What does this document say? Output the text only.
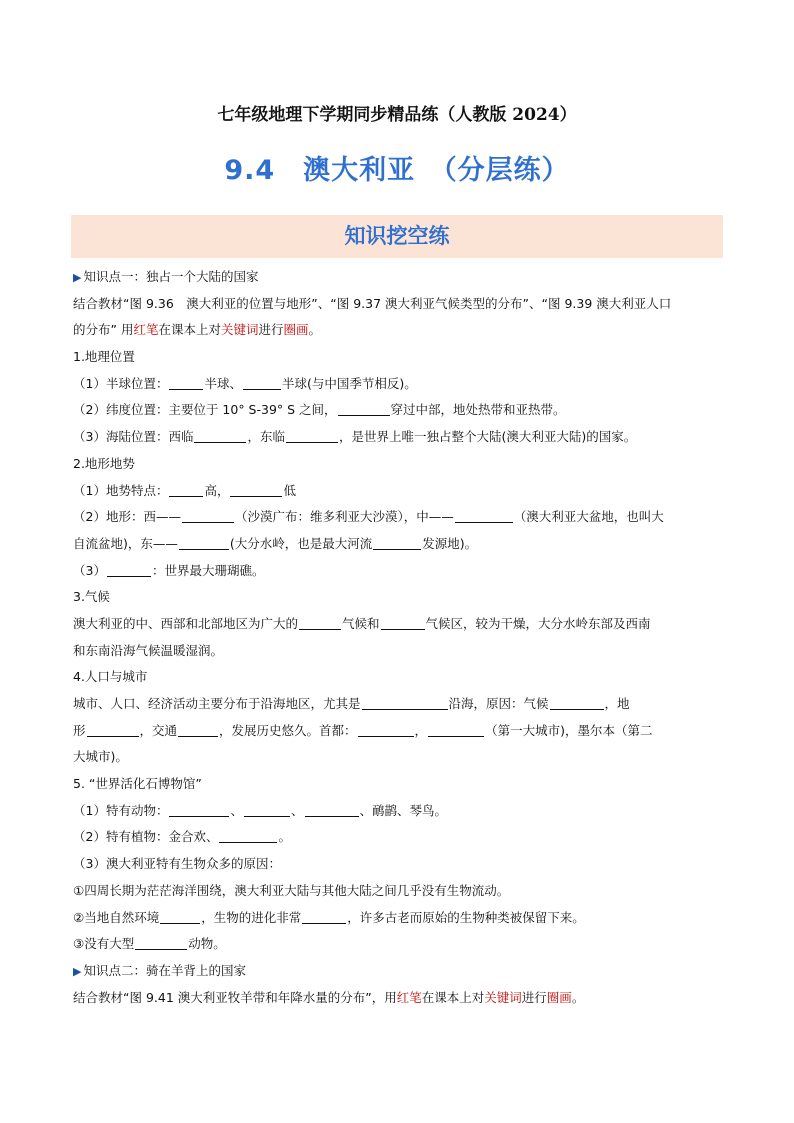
七年级地理下学期同步精品练（人教版 2024）
9.4　澳大利亚　（分层练）
知识挖空练
▶ 知识点一：独占一个大陆的国家
结合教材“图 9.36　澳大利亚的位置与地形”、“图 9.37 澳大利亚气候类型的分布”、“图 9.39 澳大利亚人口
的分布” 用红笔在课本上对关键词进行圈画。
1.地理位置
（1）半球位置：	半球、	半球(与中国季节相反)。
（2）纬度位置：主要位于 10° S-39° S 之间，	穿过中部，地处热带和亚热带。
（3）海陆位置：西临	，东临	，是世界上唯一独占整个大陆(澳大利亚大陆)的国家。
2.地形地势
（1）地势特点：	高，	低
（2）地形：西——	（沙漠广布：维多利亚大沙漠），中——	（澳大利亚大盆地，也叫大
自流盆地)，东——	(大分水岭，也是最大河流	发源地)。
（3）	：世界最大珊瑚礁。
3.气候
澳大利亚的中、西部和北部地区为广大的	气候和	气候区，较为干燥，大分水岭东部及西南
和东南沿海气候温暖湿润。
4.人口与城市
城市、人口、经济活动主要分布于沿海地区，尤其是	沿海，原因：气候	，地
形	，交通	，发展历史悠久。首都：	，	（第一大城市)，墨尔本（第二
大城市)。
5. “世界活化石博物馆”
（1）特有动物：	、	、	、鸸鹋、琴鸟。
（2）特有植物：金合欢、	。
（3）澳大利亚特有生物众多的原因：
①四周长期为茫茫海洋围绕，澳大利亚大陆与其他大陆之间几乎没有生物流动。
②当地自然环境	，生物的进化非常	，许多古老而原始的生物种类被保留下来。
③没有大型	动物。
▶ 知识点二：骑在羊背上的国家
结合教材“图 9.41 澳大利亚牧羊带和年降水量的分布”，用红笔在课本上对关键词进行圈画。
